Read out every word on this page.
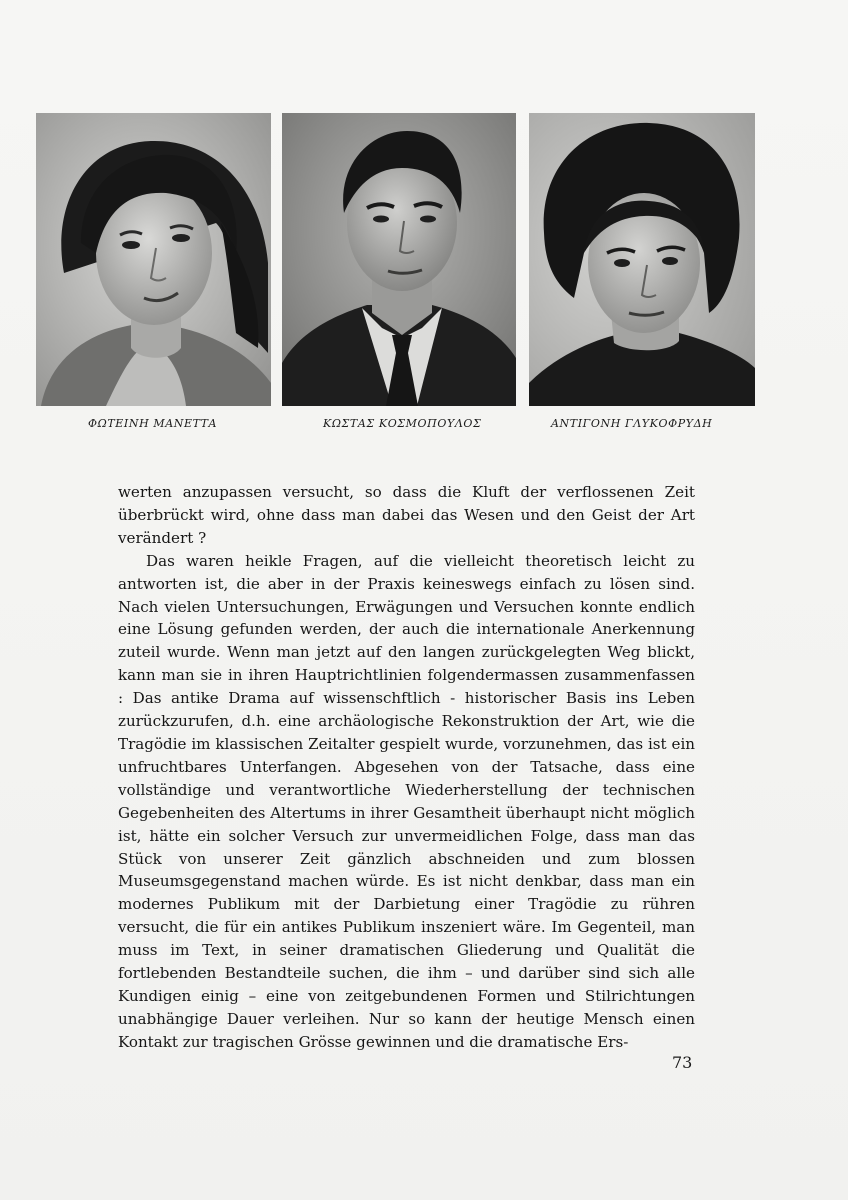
ΦΩΤΕΙΝΗ ΜΑΝΕΤΤΑ	ΚΩΣΤΑΣ ΚΟΣΜΟΠΟΥΛΟΣ	ΑΝΤΙΓΟΝΗ ΓΛΥΚΟΦΡΥΔΗ

werten anzupassen versucht, so dass die Kluft der verflossenen Zeit überbrückt wird, ohne dass man dabei das Wesen und den Geist der Art verändert ?

Das waren heikle Fragen, auf die vielleicht theoretisch leicht zu antworten ist, die aber in der Praxis keineswegs einfach zu lösen sind. Nach vielen Untersuchungen, Erwägungen und Versuchen konnte endlich eine Lösung gefunden werden, der auch die internationale Anerkennung zuteil wurde. Wenn man jetzt auf den langen zurückgelegten Weg blickt, kann man sie in ihren Hauptrichtlinien folgendermassen zusammenfassen : Das antike Drama auf wissenschftlich - historischer Basis ins Leben zurückzurufen, d.h. eine archäologische Rekonstruktion der Art, wie die Tragödie im klassischen Zeitalter gespielt wurde, vorzunehmen, das ist ein unfruchtbares Unterfangen. Abgesehen von der Tatsache, dass eine vollständige und verantwortliche Wiederherstellung der technischen Gegebenheiten des Altertums in ihrer Gesamtheit überhaupt nicht möglich ist, hätte ein solcher Versuch zur unvermeidlichen Folge, dass man das Stück von unserer Zeit gänzlich abschneiden und zum blossen Museumsgegenstand machen würde. Es ist nicht denkbar, dass man ein modernes Publikum mit der Darbietung einer Tragödie zu rühren versucht, die für ein antikes Publikum inszeniert wäre. Im Gegenteil, man muss im Text, in seiner dramatischen Gliederung und Qualität die fortlebenden Bestandteile suchen, die ihm – und darüber sind sich alle Kundigen einig – eine von zeitgebundenen Formen und Stilrichtungen unabhängige Dauer verleihen. Nur so kann der heutige Mensch einen Kontakt zur tragischen Grösse gewinnen und die dramatische Ers-

73
